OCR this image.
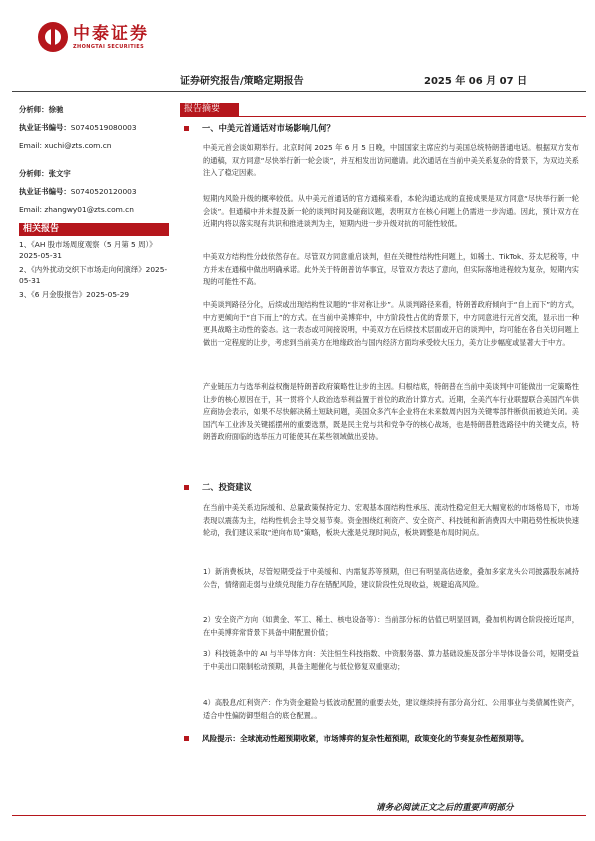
中泰证券
ZHONGTAI SECURITIES
证券研究报告/策略定期报告	2025 年 06 月 07 日
分析师：徐驰
执业证书编号：S0740519080003
Email: xuchi@zts.com.cn
分析师：张文宇
执业证书编号：S0740520120003
Email: zhangwy01@zts.com.cn
相关报告
1、《AH 股市场周度观察（5 月第 5 周）》2025-05-31
2、《内外扰动交织下市场走向何演绎》2025-05-31
3、《6 月金股报告》2025-05-29
报告摘要
一、中美元首通话对市场影响几何？
中美元首会谈如期举行。北京时间 2025 年 6 月 5 日晚，中国国家主席应约与美国总统特朗普通电话。根据双方发布的通稿，双方同意“尽快举行新一轮会谈”，并互相发出访问邀请。此次通话在当前中美关系复杂的背景下，为双边关系注入了稳定因素。
短期内风险升级的概率较低。从中美元首通话的官方通稿来看，本轮沟通达成的直接成果是双方同意“尽快举行新一轮会谈”。但通稿中并未提及新一轮的谈判时间及磋商议题，表明双方在核心问题上仍需进一步沟通。因此，预计双方在近期内将以落实现有共识和推进谈判为主，短期内进一步升级对抗的可能性较低。
中美双方结构性分歧依然存在。尽管双方同意重启谈判，但在关键性结构性问题上，如稀土、TikTok、芬太尼税等，中方并未在通稿中做出明确承诺。此外关于特朗普访华事宜，尽管双方表达了意向，但实际落地进程较为复杂，短期内实现的可能性不高。
中美谈判路径分化，后续或出现结构性议题的“非对称让步”。从谈判路径来看，特朗普政府倾向于“自上而下”的方式，中方更倾向于“自下而上”的方式。在当前中美博弈中，中方阶段性占优的背景下，中方同意进行元首交流，显示出一种更具战略主动性的姿态。这一表态或可间接说明，中美双方在后续技术层面或开启的谈判中，均可能在各自关切问题上做出一定程度的让步，考虑到当前美方在地缘政治与国内经济方面均承受较大压力，美方让步幅度或显著大于中方。
产业链压力与选举利益权衡是特朗普政府策略性让步的主因。归根结底，特朗普在当前中美谈判中可能做出一定策略性让步的核心原因在于，其一贯将个人政治选举利益置于首位的政治计算方式。近期，全美汽车行业联盟联合美国汽车供应商协会表示，如果不尽快解决稀土短缺问题，美国众多汽车企业将在未来数周内因为关键零部件断供而被迫关闭。美国汽车工业涉及关键摇摆州的重要选票，既是民主党与共和党争夺的核心战场，也是特朗普胜选路径中的关键支点，特朗普政府面临的选举压力可能使其在某些领域做出妥协。
二、投资建议
在当前中美关系边际缓和、总量政策保持定力、宏观基本面结构性承压、流动性稳定但无大幅宽松的市场格局下，市场表现以震荡为主，结构性机会主导交易节奏。资金围绕红利资产、安全资产、科技链和新消费四大中期趋势性板块快速轮动，我们建议采取“逆向布局”策略，板块大涨是兑现时间点，板块调整是布局时间点。
1）新消费板块，尽管短期受益于中美缓和、内需复苏等预期，但已有明显高估迹象，叠加多家龙头公司披露股东减持公告，情绪面走弱与业绩兑现能力存在错配风险，建议阶段性兑现收益，规避追高风险。
2）安全资产方向（如黄金、军工、稀土、核电设备等）：当前部分标的估值已明显回调，叠加机构调仓阶段接近尾声，在中美博弈常背景下具备中期配置价值；
3）科技链条中的 AI 与半导体方向：关注恒生科技指数、中资服务器、算力基础设施及部分半导体设备公司，短期受益于中美出口限制松动预期，具备主题催化与低位修复双重驱动；
4）高股息/红利资产：作为资金避险与低波动配置的重要去处，建议继续持有部分高分红、公用事业与类债属性资产，适合中性偏防御型组合的底仓配置。。
风险提示：全球流动性超预期收紧，市场博弈的复杂性超预期，政策变化的节奏复杂性超预期等。
请务必阅读正文之后的重要声明部分
